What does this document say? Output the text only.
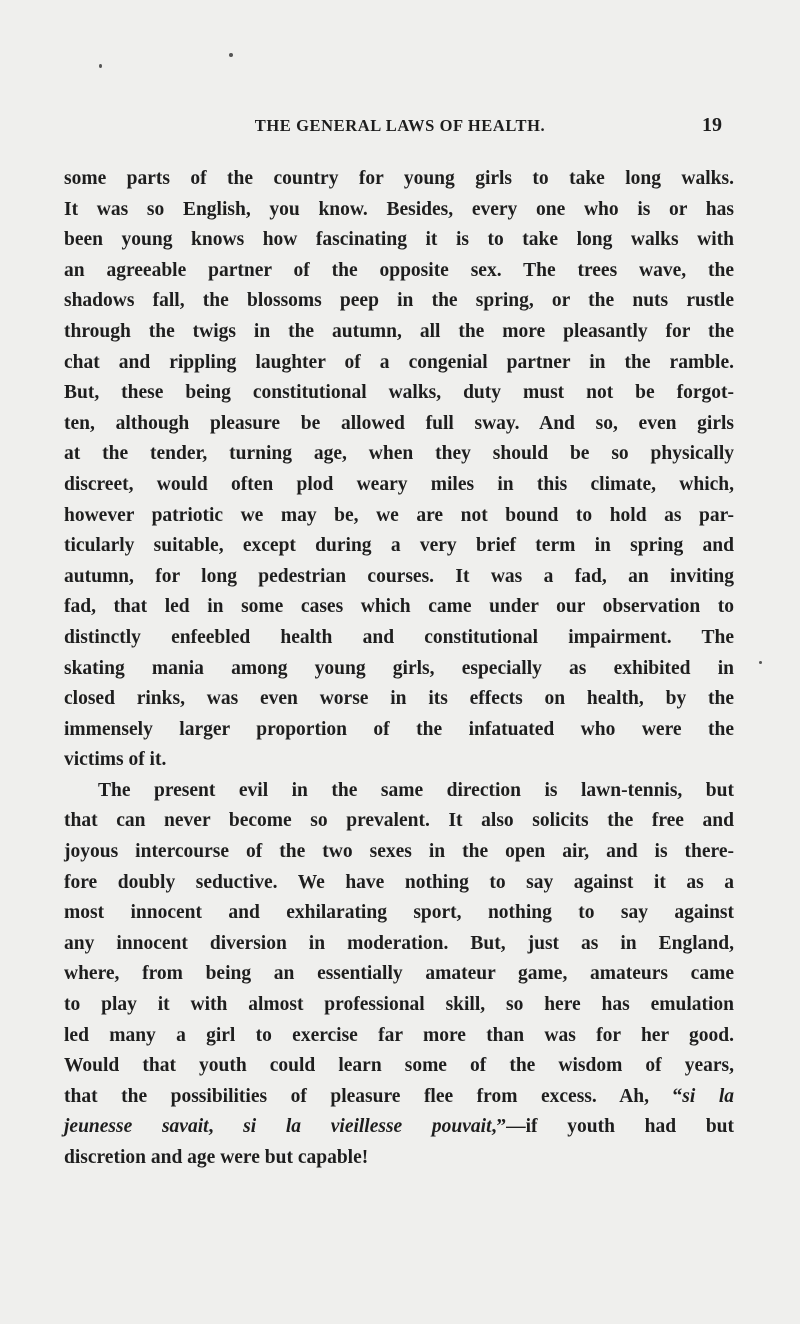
THE GENERAL LAWS OF HEALTH.	19

some parts of the country for young girls to take long walks.

It was so English, you know. Besides, every one who is or has

been young knows how fascinating it is to take long walks with

an agreeable partner of the opposite sex. The trees wave, the

shadows fall, the blossoms peep in the spring, or the nuts rustle

through the twigs in the autumn, all the more pleasantly for the

chat and rippling laughter of a congenial partner in the ramble.

But, these being constitutional walks, duty must not be forgot-

ten, although pleasure be allowed full sway. And so, even girls

at the tender, turning age, when they should be so physically

discreet, would often plod weary miles in this climate, which,

however patriotic we may be, we are not bound to hold as par-

ticularly suitable, except during a very brief term in spring and

autumn, for long pedestrian courses. It was a fad, an inviting

fad, that led in some cases which came under our observation to

distinctly enfeebled health and constitutional impairment. The

skating mania among young girls, especially as exhibited in

closed rinks, was even worse in its effects on health, by the

immensely larger proportion of the infatuated who were the

victims of it.

The present evil in the same direction is lawn-tennis, but

that can never become so prevalent. It also solicits the free and

joyous intercourse of the two sexes in the open air, and is there-

fore doubly seductive. We have nothing to say against it as a

most innocent and exhilarating sport, nothing to say against

any innocent diversion in moderation. But, just as in England,

where, from being an essentially amateur game, amateurs came

to play it with almost professional skill, so here has emulation

led many a girl to exercise far more than was for her good.

Would that youth could learn some of the wisdom of years,

that the possibilities of pleasure flee from excess. Ah, “si la

jeunesse savait, si la vieillesse pouvait,”—if youth had but

discretion and age were but capable!
